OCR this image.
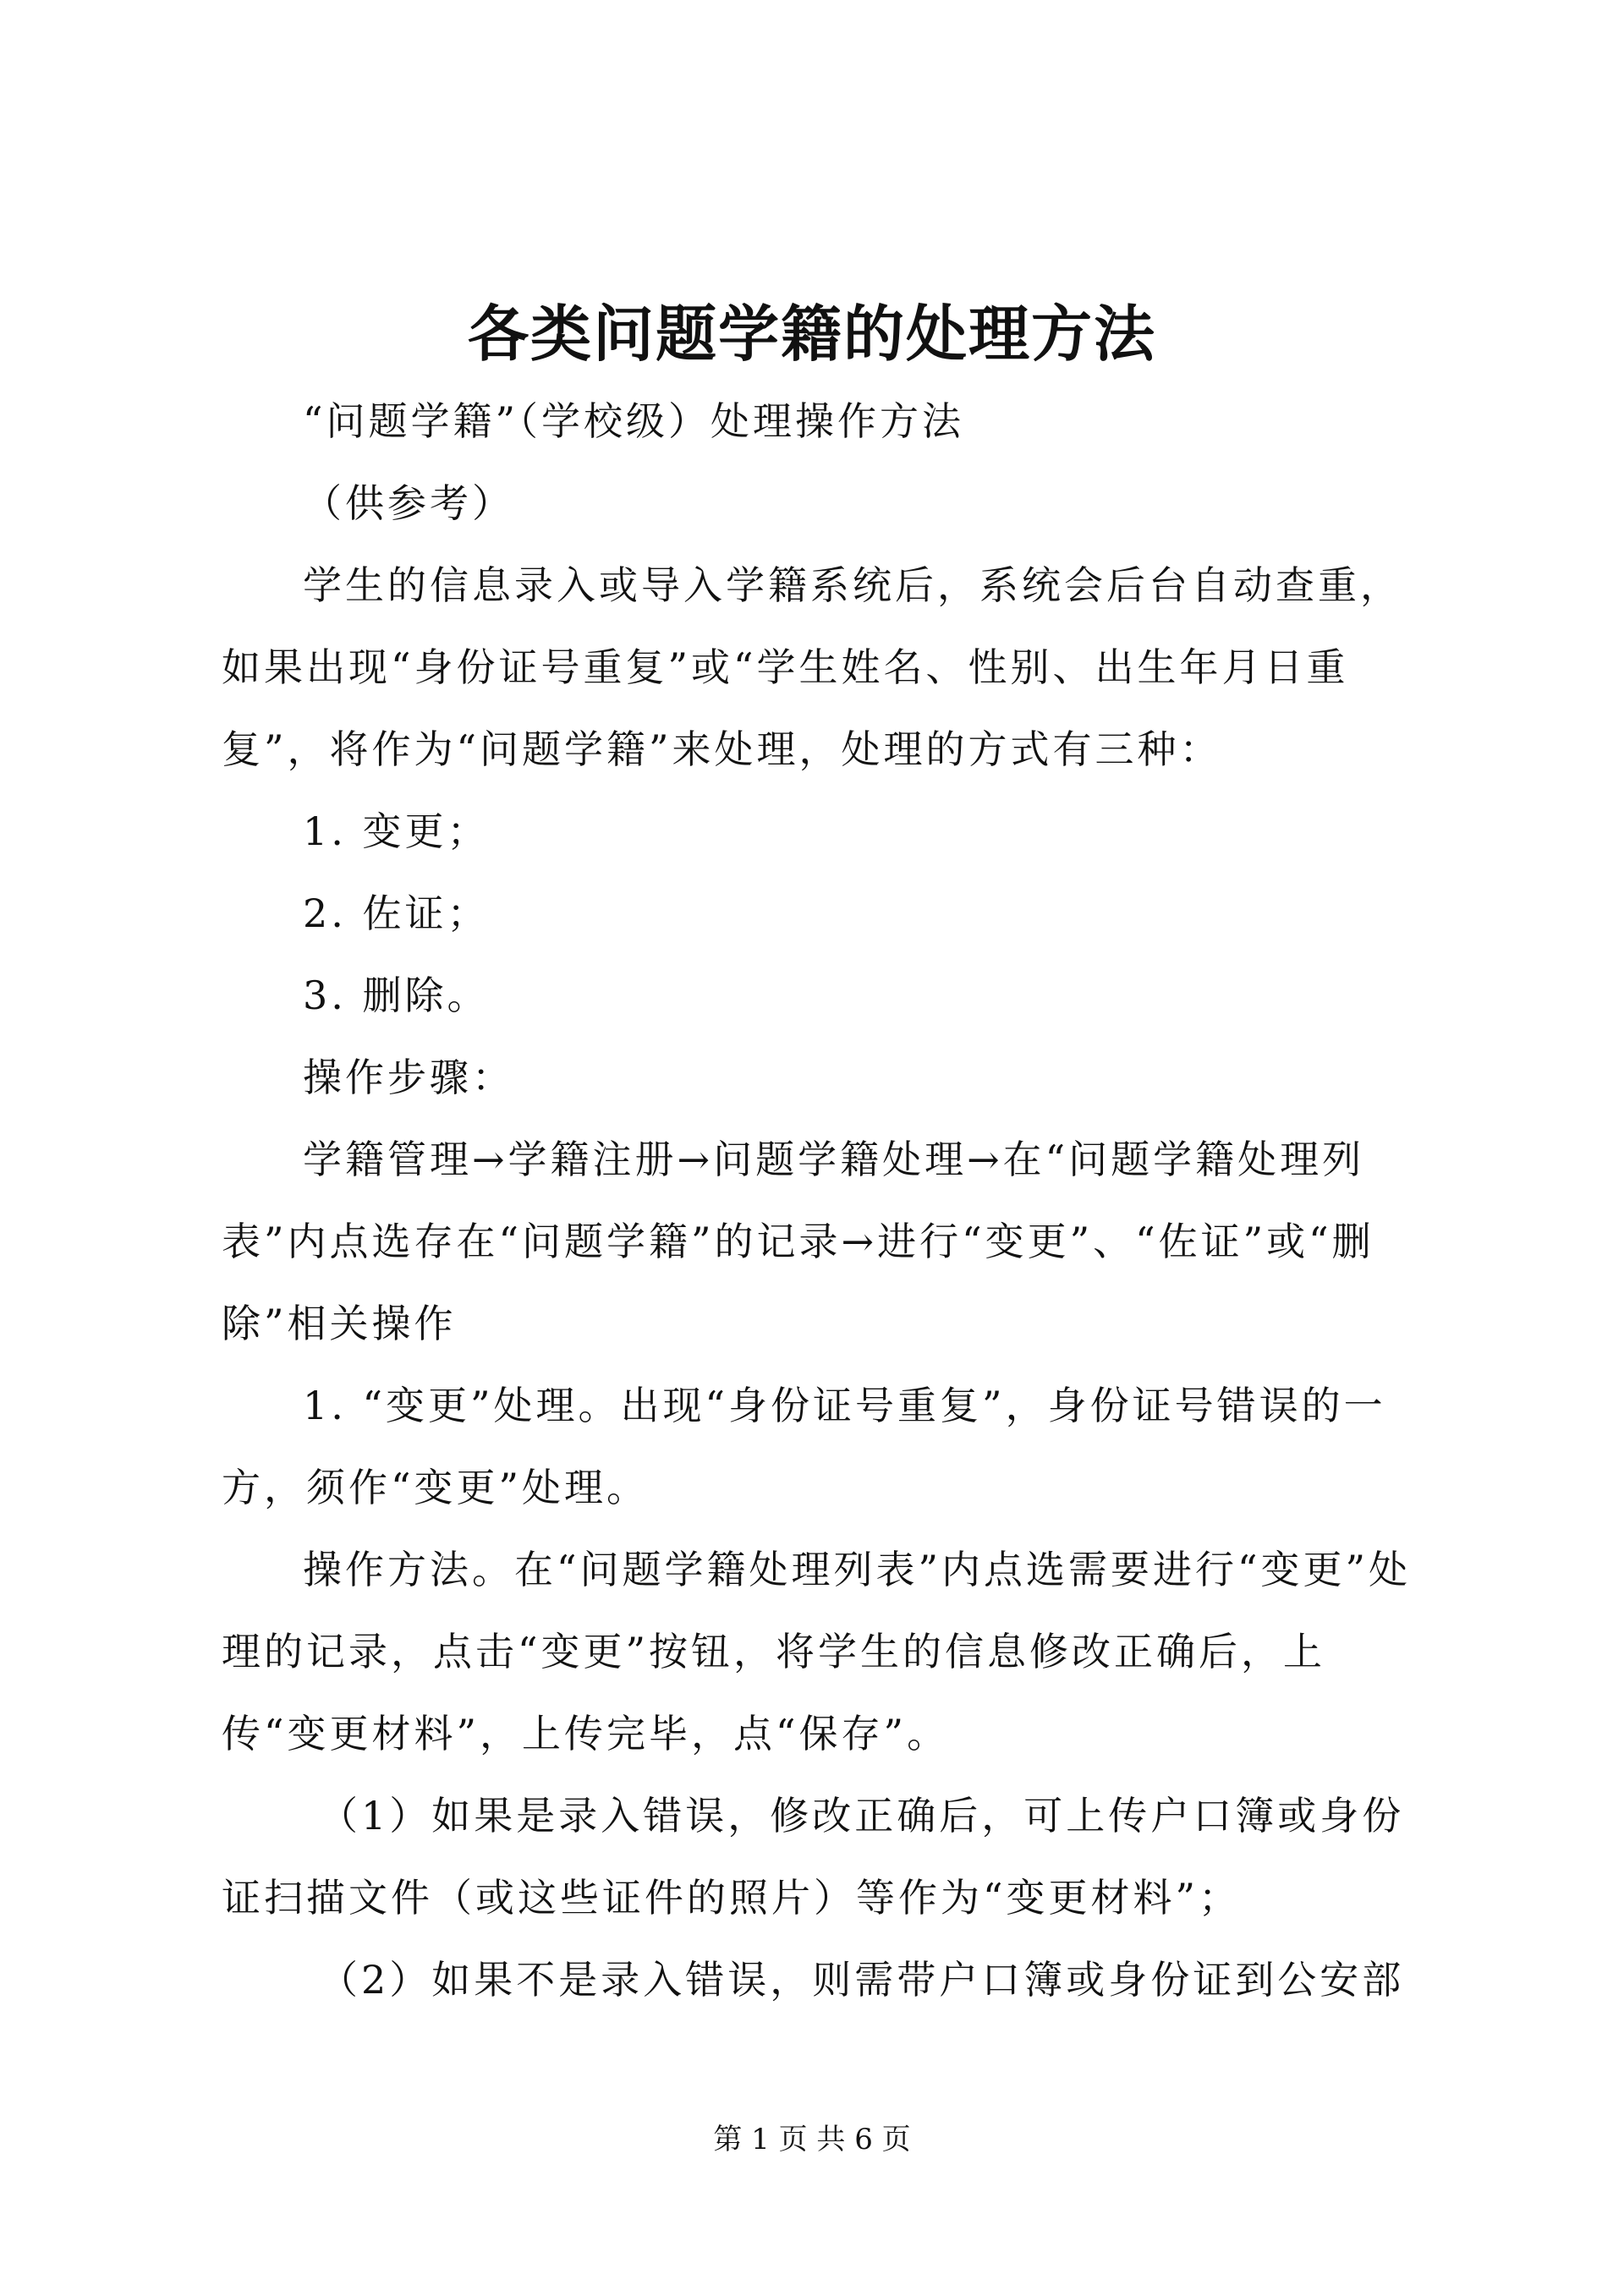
各类问题学籍的处理方法

“问题学籍”（学校级）处理操作方法

（供参考）

学生的信息录入或导入学籍系统后，系统会后台自动查重，如果出现“身份证号重复”或“学生姓名、性别、出生年月日重复”，将作为“问题学籍”来处理，处理的方式有三种：

1. 变更；

2. 佐证；

3. 删除。

操作步骤：

学籍管理→学籍注册→问题学籍处理→在“问题学籍处理列表”内点选存在“问题学籍”的记录→进行“变更”、“佐证”或“删除”相关操作

1. “变更”处理。出现“身份证号重复”，身份证号错误的一方，须作“变更”处理。

操作方法。在“问题学籍处理列表”内点选需要进行“变更”处理的记录，点击“变更”按钮，将学生的信息修改正确后，上传“变更材料”，上传完毕，点“保存”。

（1）如果是录入错误，修改正确后，可上传户口簿或身份证扫描文件（或这些证件的照片）等作为“变更材料”；

（2）如果不是录入错误，则需带户口簿或身份证到公安部

第 1 页 共 6 页
